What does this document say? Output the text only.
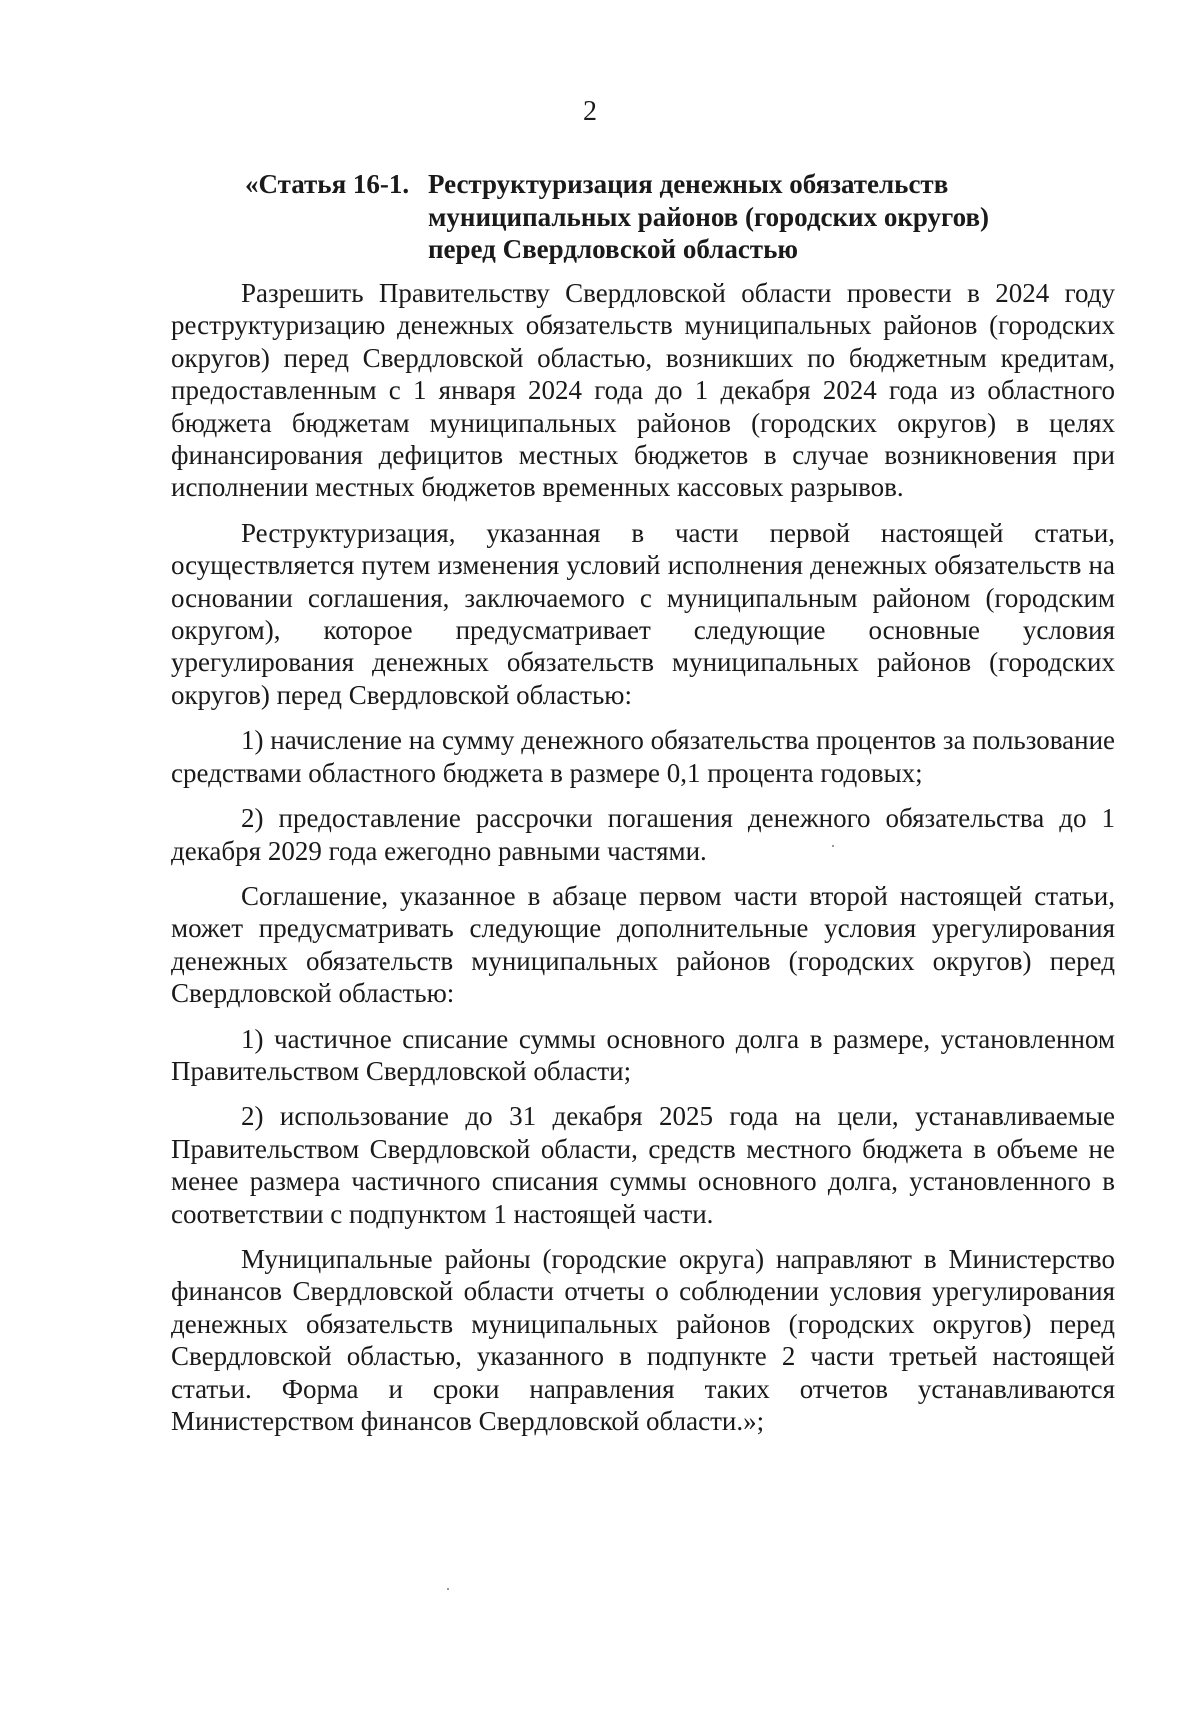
2
«Статья 16-1. Реструктуризация денежных обязательств
муниципальных районов (городских округов)
перед Свердловской областью

Разрешить Правительству Свердловской области провести в 2024 году реструктуризацию денежных обязательств муниципальных районов (городских округов) перед Свердловской областью, возникших по бюджетным кредитам, предоставленным с 1 января 2024 года до 1 декабря 2024 года из областного бюджета бюджетам муниципальных районов (городских округов) в целях финансирования дефицитов местных бюджетов в случае возникновения при исполнении местных бюджетов временных кассовых разрывов.

Реструктуризация, указанная в части первой настоящей статьи, осуществляется путем изменения условий исполнения денежных обязательств на основании соглашения, заключаемого с муниципальным районом (городским округом), которое предусматривает следующие основные условия урегулирования денежных обязательств муниципальных районов (городских округов) перед Свердловской областью:

1) начисление на сумму денежного обязательства процентов за пользование средствами областного бюджета в размере 0,1 процента годовых;

2) предоставление рассрочки погашения денежного обязательства до 1 декабря 2029 года ежегодно равными частями.

Соглашение, указанное в абзаце первом части второй настоящей статьи, может предусматривать следующие дополнительные условия урегулирования денежных обязательств муниципальных районов (городских округов) перед Свердловской областью:

1) частичное списание суммы основного долга в размере, установленном Правительством Свердловской области;

2) использование до 31 декабря 2025 года на цели, устанавливаемые Правительством Свердловской области, средств местного бюджета в объеме не менее размера частичного списания суммы основного долга, установленного в соответствии с подпунктом 1 настоящей части.

Муниципальные районы (городские округа) направляют в Министерство финансов Свердловской области отчеты о соблюдении условия урегулирования денежных обязательств муниципальных районов (городских округов) перед Свердловской областью, указанного в подпункте 2 части третьей настоящей статьи. Форма и сроки направления таких отчетов устанавливаются Министерством финансов Свердловской области.»;
